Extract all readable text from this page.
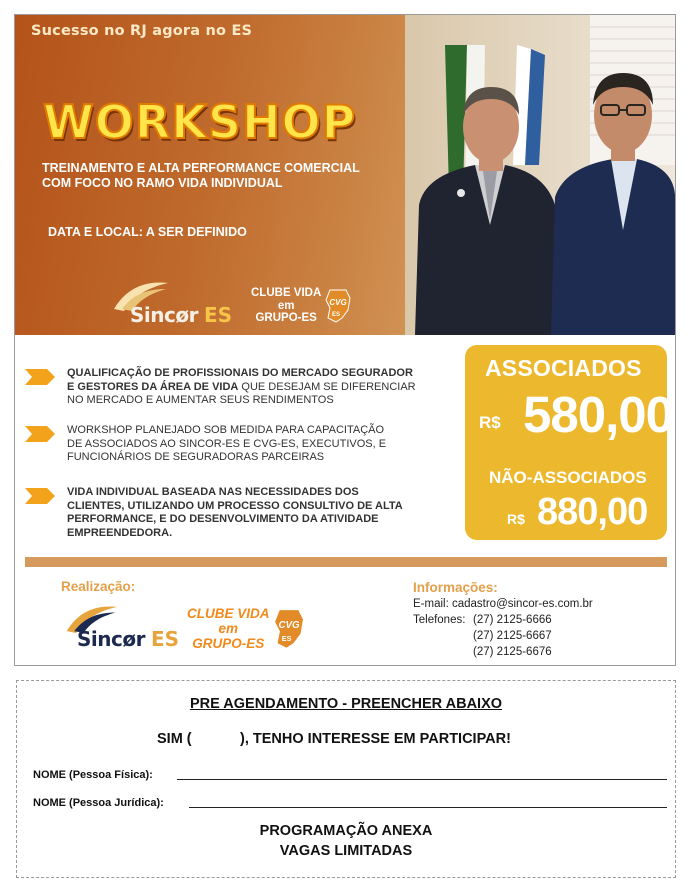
Sucesso no RJ agora no ES
WORKSHOP
TREINAMENTO E ALTA PERFORMANCE COMERCIAL
COM FOCO NO RAMO VIDA INDIVIDUAL
DATA E LOCAL: A SER DEFINIDO
Sincør ES
CLUBE VIDA
em
GRUPO-ES
CVG
ES
QUALIFICAÇÃO DE PROFISSIONAIS DO MERCADO SEGURADOR
E GESTORES DA ÁREA DE VIDA QUE DESEJAM SE DIFERENCIAR
NO MERCADO E AUMENTAR SEUS RENDIMENTOS
WORKSHOP PLANEJADO SOB MEDIDA PARA CAPACITAÇÃO
DE ASSOCIADOS AO SINCOR-ES E CVG-ES, EXECUTIVOS, E
FUNCIONÁRIOS DE SEGURADORAS PARCEIRAS
VIDA INDIVIDUAL BASEADA NAS NECESSIDADES DOS
CLIENTES, UTILIZANDO UM PROCESSO CONSULTIVO DE ALTA
PERFORMANCE, E DO DESENVOLVIMENTO DA ATIVIDADE
EMPREENDEDORA.
ASSOCIADOS
R$ 580,00
NÃO-ASSOCIADOS
R$ 880,00
Realização:
Sincør ES
CLUBE VIDA
em
GRUPO-ES
CVG
ES
Informações:
E-mail: cadastro@sincor-es.com.br
Telefones: (27) 2125-6666
(27) 2125-6667
(27) 2125-6676
PRE AGENDAMENTO - PREENCHER ABAIXO
SIM (	), TENHO INTERESSE EM PARTICIPAR!
NOME (Pessoa Física):
NOME (Pessoa Jurídica):
PROGRAMAÇÃO ANEXA
VAGAS LIMITADAS
